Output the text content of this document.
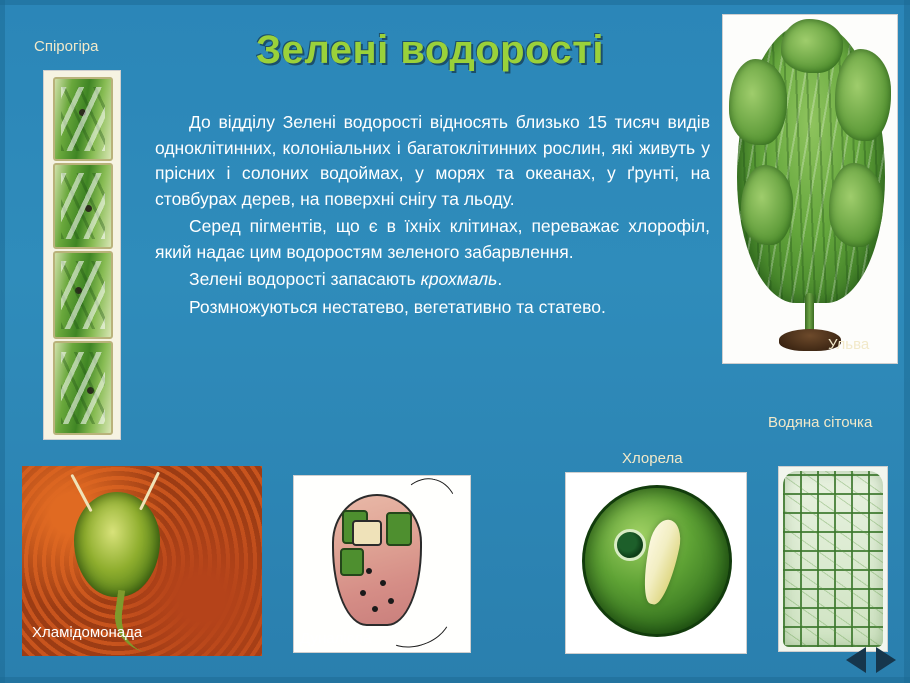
Зелені водорості

До відділу Зелені водорості відносять близько 15 тисяч видів одноклітинних, колоніальних і багатоклітинних рослин, які живуть у прісних і солоних водоймах, у морях та океанах, у ґрунті, на стовбурах дерев, на поверхні снігу та льоду.

Серед пігментів, що є в їхніх клітинах, переважає хлорофіл, який надає цим водоростям зеленого забарвлення.

Зелені водорості запасають крохмаль.

Розмножуються нестатево, вегетативно та статево.

Спірогіра
Ульва
Хламідомонада	Дуналієла
Хлорела
Водяна сіточка
